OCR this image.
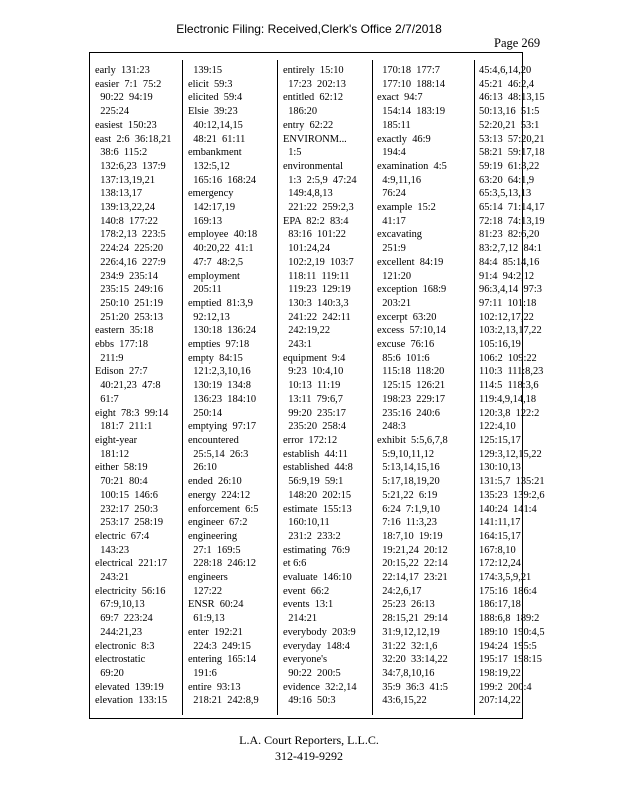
Electronic Filing: Received,Clerk's Office 2/7/2018
Page 269
early  131:23
easier  7:1  75:2
90:22  94:19
225:24
easiest  150:23
east  2:6  36:18,21
38:6  115:2
132:6,23  137:9
137:13,19,21
138:13,17
139:13,22,24
140:8  177:22
178:2,13  223:5
224:24  225:20
226:4,16  227:9
234:9  235:14
235:15  249:16
250:10  251:19
251:20  253:13
eastern  35:18
ebbs  177:18
211:9
Edison  27:7
40:21,23  47:8
61:7
eight  78:3  99:14
181:7  211:1
eight-year
181:12
either  58:19
70:21  80:4
100:15  146:6
232:17  250:3
253:17  258:19
electric  67:4
143:23
electrical  221:17
243:21
electricity  56:16
67:9,10,13
69:7  223:24
244:21,23
electronic  8:3
electrostatic
69:20
elevated  139:19
elevation  133:15
139:15
elicit  59:3
elicited  59:4
Elsie  39:23
40:12,14,15
48:21  61:11
embankment
132:5,12
165:16  168:24
emergency
142:17,19
169:13
employee  40:18
40:20,22  41:1
47:7  48:2,5
employment
205:11
emptied  81:3,9
92:12,13
130:18  136:24
empties  97:18
empty  84:15
121:2,3,10,16
130:19  134:8
136:23  184:10
250:14
emptying  97:17
encountered
25:5,14  26:3
26:10
ended  26:10
energy  224:12
enforcement  6:5
engineer  67:2
engineering
27:1  169:5
228:18  246:12
engineers
127:22
ENSR  60:24
61:9,13
enter  192:21
224:3  249:15
entering  165:14
191:6
entire  93:13
218:21  242:8,9
entirely  15:10
17:23  202:13
entitled  62:12
186:20
entry  62:22
ENVIRONM...
1:5
environmental
1:3  2:5,9  47:24
149:4,8,13
221:22  259:2,3
EPA  82:2  83:4
83:16  101:22
101:24,24
102:2,19  103:7
118:11  119:11
119:23  129:19
130:3  140:3,3
241:22  242:11
242:19,22
243:1
equipment  9:4
9:23  10:4,10
10:13  11:19
13:11  79:6,7
99:20  235:17
235:20  258:4
error  172:12
establish  44:11
established  44:8
56:9,19  59:1
148:20  202:15
estimate  155:13
160:10,11
231:2  233:2
estimating  76:9
et 6:6
evaluate  146:10
event  66:2
events  13:1
214:21
everybody  203:9
everyday  148:4
everyone's
90:22  200:5
evidence  32:2,14
49:16  50:3
170:18  177:7
177:10  188:14
exact  94:7
154:14  183:19
185:11
exactly  46:9
194:4
examination  4:5
4:9,11,16
76:24
example  15:2
41:17
excavating
251:9
excellent  84:19
121:20
exception  168:9
203:21
excerpt  63:20
excess  57:10,14
excuse  76:16
85:6  101:6
115:18  118:20
125:15  126:21
198:23  229:17
235:16  240:6
248:3
exhibit  5:5,6,7,8
5:9,10,11,12
5:13,14,15,16
5:17,18,19,20
5:21,22  6:19
6:24  7:1,9,10
7:16  11:3,23
18:7,10  19:19
19:21,24  20:12
20:15,22  22:14
22:14,17  23:21
24:2,6,17
25:23  26:13
28:15,21  29:14
31:9,12,12,19
31:22  32:1,6
32:20  33:14,22
34:7,8,10,16
35:9  36:3  41:5
43:6,15,22
45:4,6,14,20
45:21  46:2,4
46:13  48:13,15
50:13,16  51:5
52:20,21  53:1
53:13  57:20,21
58:21  59:17,18
59:19  61:3,22
63:20  64:1,9
65:3,5,13,13
65:14  71:14,17
72:18  74:13,19
81:23  82:6,20
83:2,7,12  84:1
84:4  85:14,16
91:4  94:2,12
96:3,4,14  97:3
97:11  101:18
102:12,17,22
103:2,13,17,22
105:16,19
106:2  109:22
110:3  111:8,23
114:5  118:3,6
119:4,9,14,18
120:3,8  122:2
122:4,10
125:15,17
129:3,12,15,22
130:10,13
131:5,7  135:21
135:23  139:2,6
140:24  141:4
141:11,17
164:15,17
167:8,10
172:12,24
174:3,5,9,21
175:16  186:4
186:17,18
188:6,8  189:2
189:10  190:4,5
194:24  195:5
195:17  198:15
198:19,22
199:2  200:4
207:14,22
L.A. Court Reporters, L.L.C.
312-419-9292
